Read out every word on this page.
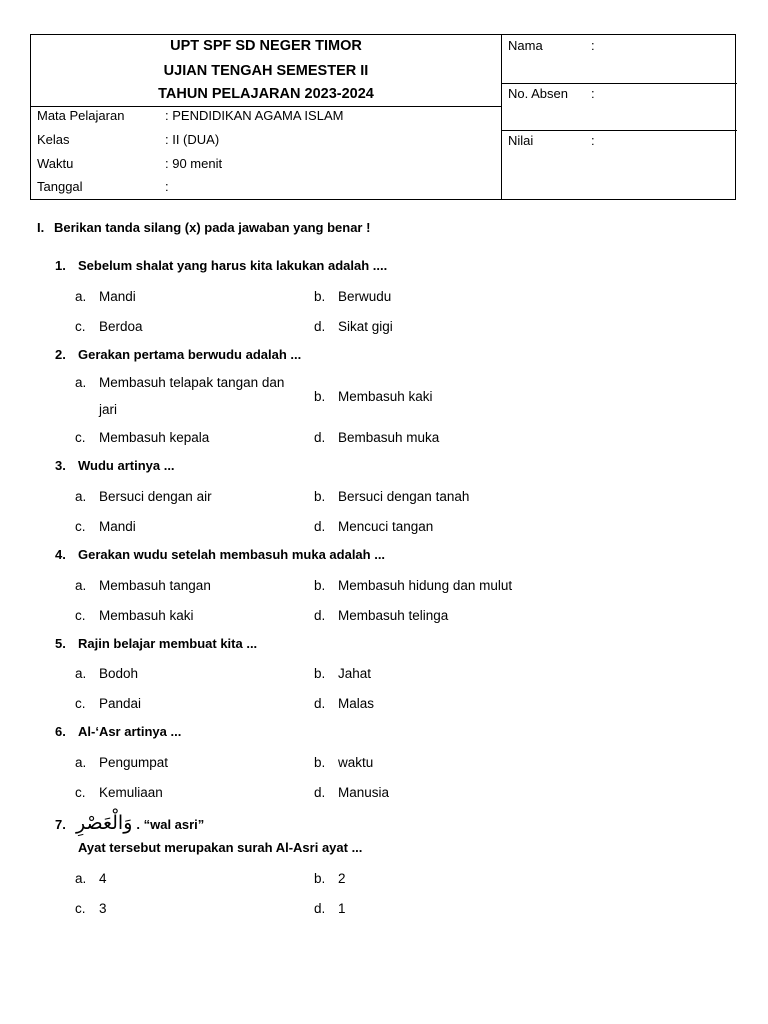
UPT SPF SD NEGER TIMOR
UJIAN TENGAH SEMESTER II
TAHUN PELAJARAN 2023-2024
Mata Pelajaran	: PENDIDIKAN AGAMA ISLAM
Kelas	: II (DUA)
Waktu	: 90 menit
Tanggal	:
Nama	:
No. Absen :
Nilai	:
I. Berikan tanda silang (x) pada jawaban yang benar !
1. Sebelum shalat yang harus kita lakukan adalah ....
a. Mandi	b. Berwudu
c. Berdoa	d. Sikat gigi
2. Gerakan pertama berwudu adalah ...
a. Membasuh telapak tangan dan
jari
b. Membasuh kaki
c. Membasuh kepala	d. Bembasuh muka
3. Wudu artinya ...
a. Bersuci dengan air	b. Bersuci dengan tanah
c. Mandi	d. Mencuci tangan
4. Gerakan wudu setelah membasuh muka adalah ...
a. Membasuh tangan	b. Membasuh hidung dan mulut
c. Membasuh kaki	d. Membasuh telinga
5. Rajin belajar membuat kita ...
a. Bodoh	b. Jahat
c. Pandai	d. Malas
6. Al-‘Asr artinya ...
a. Pengumpat	b. waktu
c. Kemuliaan	d. Manusia
7. وَالْعَصْرِ . “wal asri”
Ayat tersebut merupakan surah Al-Asri ayat ...
a. 4	b. 2
c. 3	d. 1
